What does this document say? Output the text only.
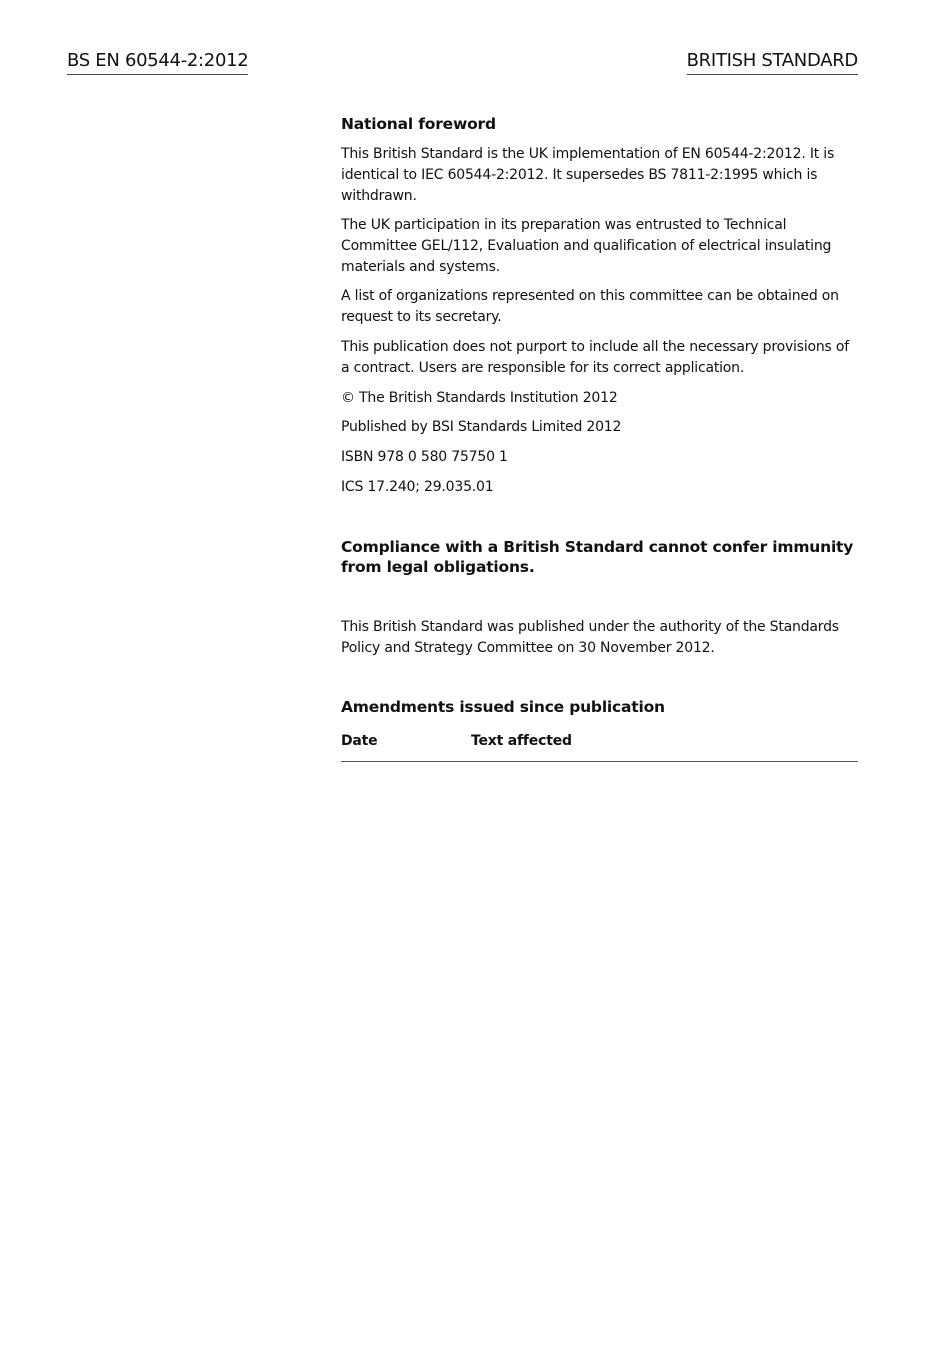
BS EN 60544-2:2012	BRITISH STANDARD
National foreword
This British Standard is the UK implementation of EN 60544-2:2012. It is identical to IEC 60544-2:2012. It supersedes BS 7811-2:1995 which is withdrawn.
The UK participation in its preparation was entrusted to Technical Committee GEL/112, Evaluation and qualification of electrical insulating materials and systems.
A list of organizations represented on this committee can be obtained on request to its secretary.
This publication does not purport to include all the necessary provisions of a contract. Users are responsible for its correct application.
© The British Standards Institution 2012
Published by BSI Standards Limited 2012
ISBN 978 0 580 75750 1
ICS 17.240; 29.035.01
Compliance with a British Standard cannot confer immunity from legal obligations.
This British Standard was published under the authority of the Standards Policy and Strategy Committee on 30 November 2012.
Amendments issued since publication
Date	Text affected
